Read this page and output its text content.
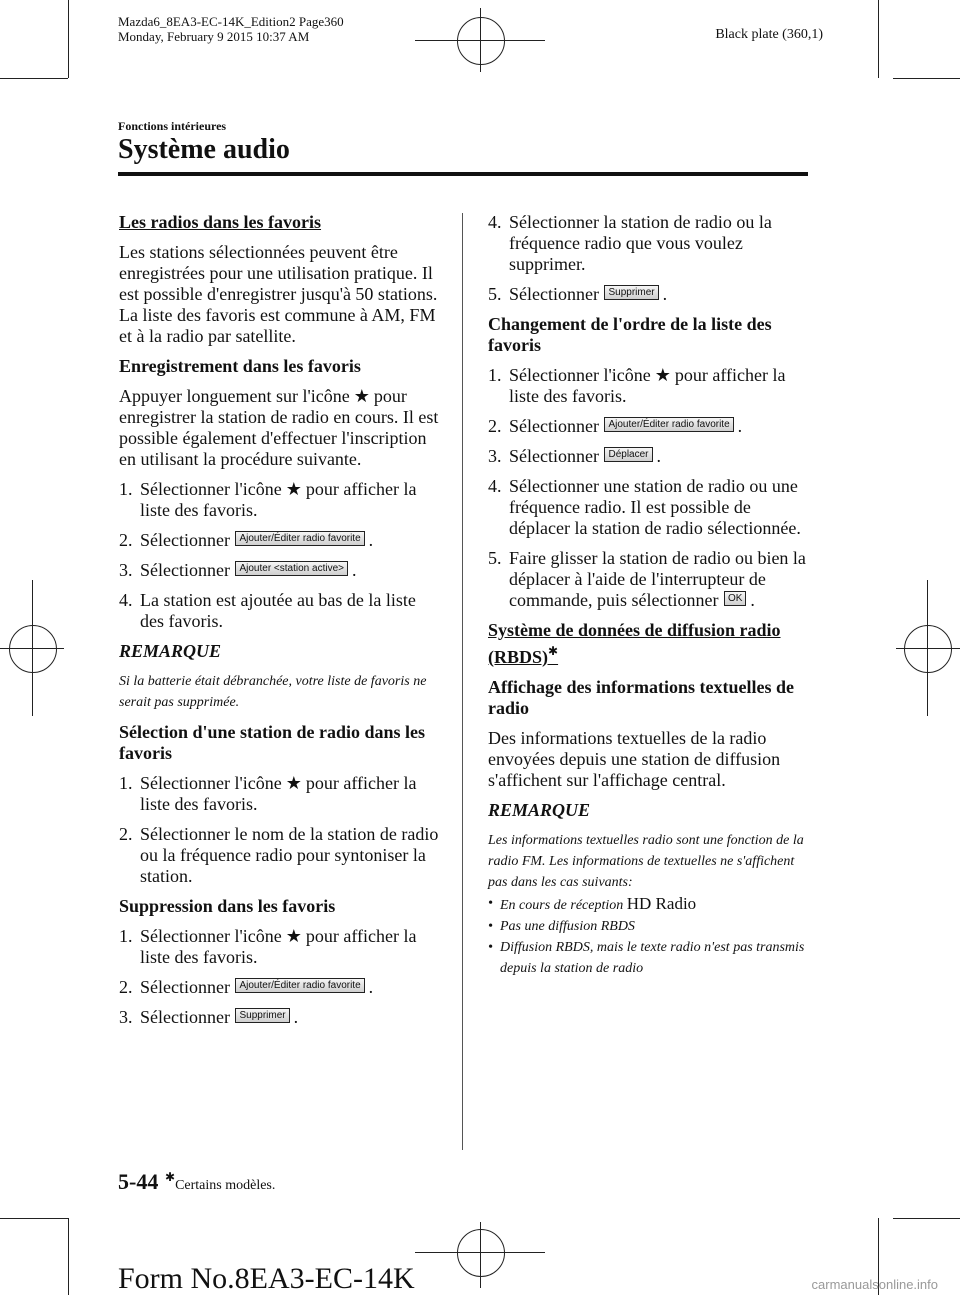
Mazda6_8EA3-EC-14K_Edition2 Page360
Monday, February 9 2015 10:37 AM	Black plate (360,1)
Fonctions intérieures
Système audio

Les radios dans les favoris

Les stations sélectionnées peuvent être enregistrées pour une utilisation pratique. Il est possible d'enregistrer jusqu'à 50 stations. La liste des favoris est commune à AM, FM et à la radio par satellite.

Enregistrement dans les favoris

Appuyer longuement sur l'icône ★ pour enregistrer la station de radio en cours. Il est possible également d'effectuer l'inscription en utilisant la procédure suivante.

1. Sélectionner l'icône ★ pour afficher la liste des favoris.
2. Sélectionner Ajouter/Éditer radio favorite .
3. Sélectionner Ajouter <station active> .
4. La station est ajoutée au bas de la liste des favoris.

REMARQUE

Si la batterie était débranchée, votre liste de favoris ne serait pas supprimée.

Sélection d'une station de radio dans les favoris

1. Sélectionner l'icône ★ pour afficher la liste des favoris.
2. Sélectionner le nom de la station de radio ou la fréquence radio pour syntoniser la station.

Suppression dans les favoris

1. Sélectionner l'icône ★ pour afficher la liste des favoris.
2. Sélectionner Ajouter/Éditer radio favorite .
3. Sélectionner Supprimer .
4. Sélectionner la station de radio ou la fréquence radio que vous voulez supprimer.
5. Sélectionner Supprimer .

Changement de l'ordre de la liste des favoris

1. Sélectionner l'icône ★ pour afficher la liste des favoris.
2. Sélectionner Ajouter/Éditer radio favorite .
3. Sélectionner Déplacer .
4. Sélectionner une station de radio ou une fréquence radio. Il est possible de déplacer la station de radio sélectionnée.
5. Faire glisser la station de radio ou bien la déplacer à l'aide de l'interrupteur de commande, puis sélectionner OK .

Système de données de diffusion radio (RBDS)✱

Affichage des informations textuelles de radio

Des informations textuelles de la radio envoyées depuis une station de diffusion s'affichent sur l'affichage central.

REMARQUE

Les informations textuelles radio sont une fonction de la radio FM. Les informations de textuelles ne s'affichent pas dans les cas suivants:

• En cours de réception HD Radio
• Pas une diffusion RBDS
• Diffusion RBDS, mais le texte radio n'est pas transmis depuis la station de radio
5-44 ✱Certains modèles.
Form No.8EA3-EC-14K	carmanualsonline.info
